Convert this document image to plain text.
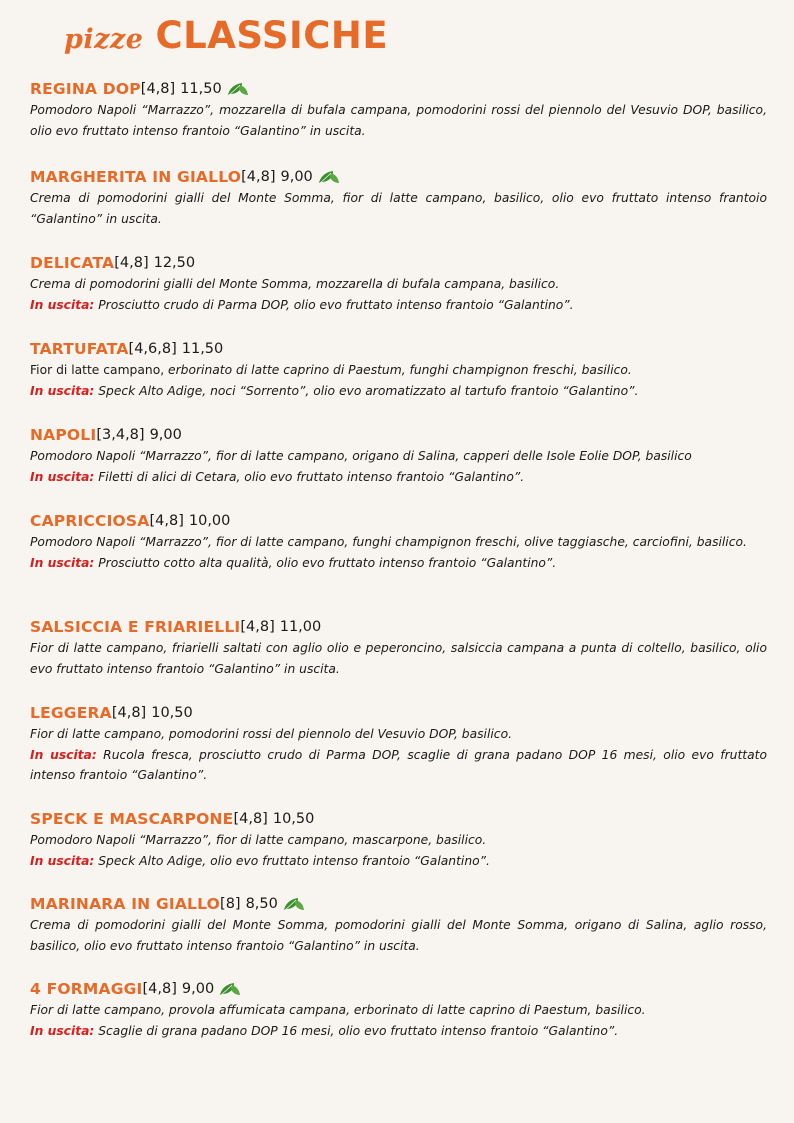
pizze CLASSICHE
REGINA DOP [4,8] 11,50
Pomodoro Napoli “Marrazzo”, mozzarella di bufala campana, pomodorini rossi del piennolo del Vesuvio DOP, basilico, olio evo fruttato intenso frantoio “Galantino” in uscita.
MARGHERITA IN GIALLO [4,8] 9,00
Crema di pomodorini gialli del Monte Somma, fior di latte campano, basilico, olio evo fruttato intenso frantoio “Galantino” in uscita.
DELICATA [4,8] 12,50
Crema di pomodorini gialli del Monte Somma, mozzarella di bufala campana, basilico.
In uscita: Prosciutto crudo di Parma DOP, olio evo fruttato intenso frantoio “Galantino”.
TARTUFATA [4,6,8] 11,50
Fior di latte campano, erborinato di latte caprino di Paestum, funghi champignon freschi, basilico.
In uscita: Speck Alto Adige, noci “Sorrento”, olio evo aromatizzato al tartufo frantoio “Galantino”.
NAPOLI [3,4,8] 9,00
Pomodoro Napoli “Marrazzo”, fior di latte campano, origano di Salina, capperi delle Isole Eolie DOP, basilico
In uscita: Filetti di alici di Cetara, olio evo fruttato intenso frantoio “Galantino”.
CAPRICCIOSA [4,8] 10,00
Pomodoro Napoli “Marrazzo”, fior di latte campano, funghi champignon freschi, olive taggiasche, carciofini, basilico.
In uscita: Prosciutto cotto alta qualità, olio evo fruttato intenso frantoio “Galantino”.
SALSICCIA E FRIARIELLI [4,8] 11,00
Fior di latte campano, friarielli saltati con aglio olio e peperoncino, salsiccia campana a punta di coltello, basilico, olio evo fruttato intenso frantoio “Galantino” in uscita.
LEGGERA [4,8] 10,50
Fior di latte campano, pomodorini rossi del piennolo del Vesuvio DOP, basilico.
In uscita: Rucola fresca, prosciutto crudo di Parma DOP, scaglie di grana padano DOP 16 mesi, olio evo fruttato intenso frantoio “Galantino”.
SPECK E MASCARPONE [4,8] 10,50
Pomodoro Napoli “Marrazzo”, fior di latte campano, mascarpone, basilico.
In uscita: Speck Alto Adige, olio evo fruttato intenso frantoio “Galantino”.
MARINARA IN GIALLO [8] 8,50
Crema di pomodorini gialli del Monte Somma, pomodorini gialli del Monte Somma, origano di Salina, aglio rosso, basilico, olio evo fruttato intenso frantoio “Galantino” in uscita.
4 FORMAGGI [4,8] 9,00
Fior di latte campano, provola affumicata campana, erborinato di latte caprino di Paestum, basilico.
In uscita: Scaglie di grana padano DOP 16 mesi, olio evo fruttato intenso frantoio “Galantino”.
